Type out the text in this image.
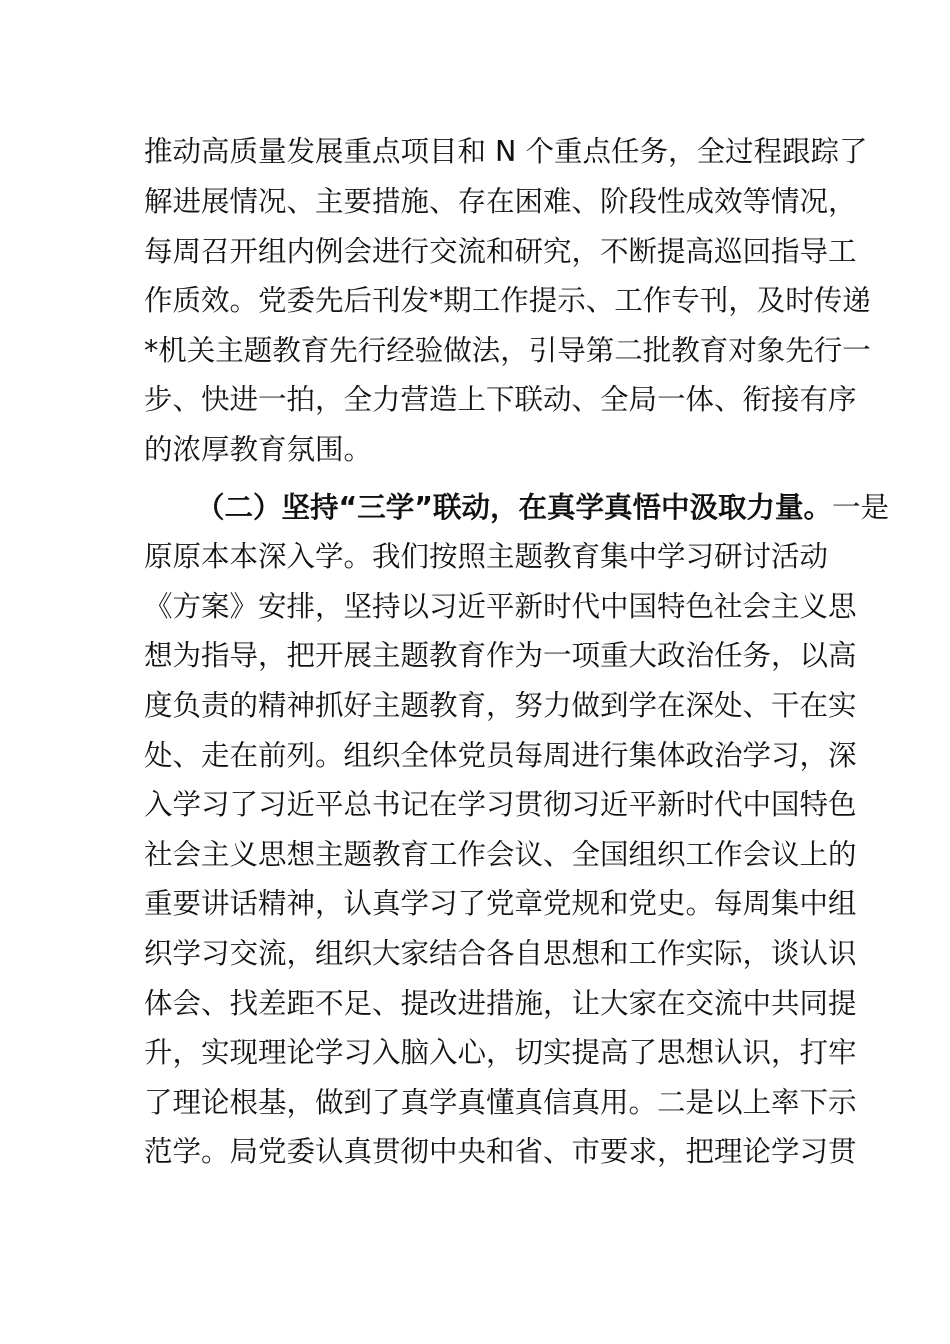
推动高质量发展重点项目和 N 个重点任务，全过程跟踪了
解进展情况、主要措施、存在困难、阶段性成效等情况，
每周召开组内例会进行交流和研究，不断提高巡回指导工
作质效。党委先后刊发*期工作提示、工作专刊，及时传递
*机关主题教育先行经验做法，引导第二批教育对象先行一
步、快进一拍，全力营造上下联动、全局一体、衔接有序
的浓厚教育氛围。
（二）坚持“三学”联动，在真学真悟中汲取力量。一是
原原本本深入学。我们按照主题教育集中学习研讨活动
《方案》安排，坚持以习近平新时代中国特色社会主义思
想为指导，把开展主题教育作为一项重大政治任务，以高
度负责的精神抓好主题教育，努力做到学在深处、干在实
处、走在前列。组织全体党员每周进行集体政治学习，深
入学习了习近平总书记在学习贯彻习近平新时代中国特色
社会主义思想主题教育工作会议、全国组织工作会议上的
重要讲话精神，认真学习了党章党规和党史。每周集中组
织学习交流，组织大家结合各自思想和工作实际，谈认识
体会、找差距不足、提改进措施，让大家在交流中共同提
升，实现理论学习入脑入心，切实提高了思想认识，打牢
了理论根基，做到了真学真懂真信真用。二是以上率下示
范学。局党委认真贯彻中央和省、市要求，把理论学习贯
